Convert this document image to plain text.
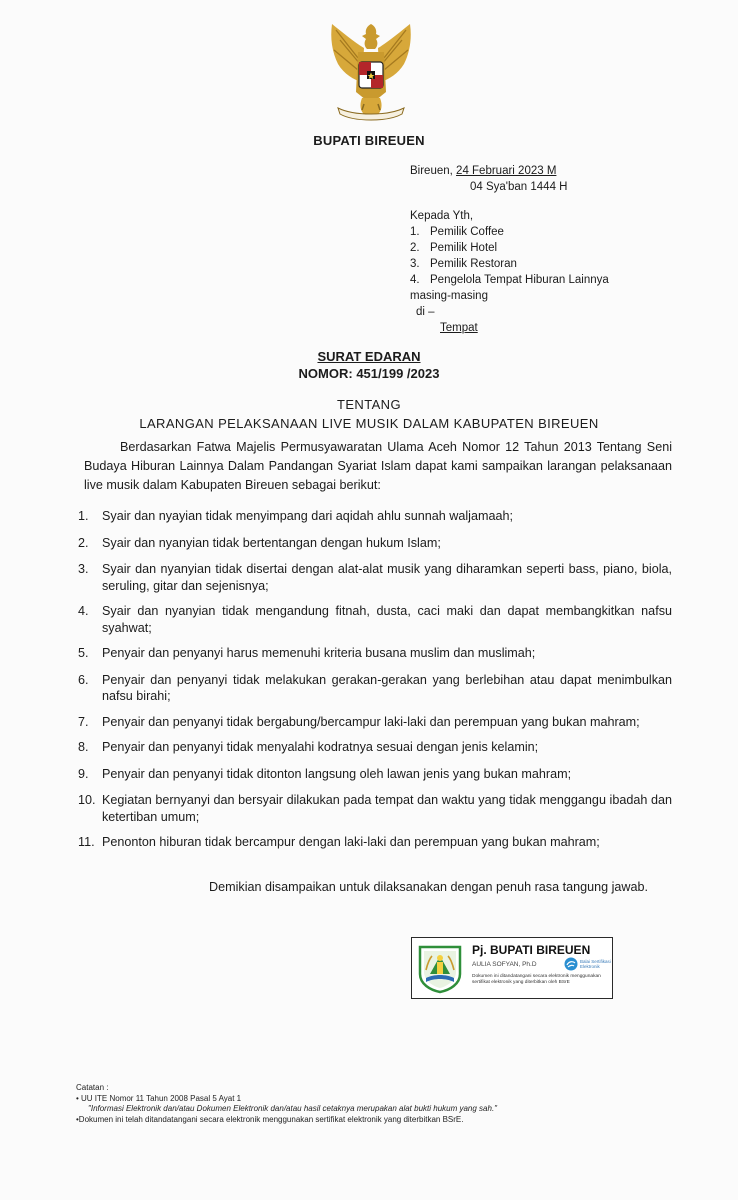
BUPATI BIREUEN
Bireuen, 24 Februari 2023 M
04 Sya'ban 1444 H
Kepada Yth,
1. Pemilik Coffee
2. Pemilik Hotel
3. Pemilik Restoran
4. Pengelola Tempat Hiburan Lainnya
masing-masing
di –
Tempat
SURAT EDARAN
NOMOR: 451/199 /2023
TENTANG
LARANGAN PELAKSANAAN LIVE MUSIK DALAM KABUPATEN BIREUEN
Berdasarkan Fatwa Majelis Permusyawaratan Ulama Aceh Nomor 12 Tahun 2013 Tentang Seni Budaya Hiburan Lainnya Dalam Pandangan Syariat Islam dapat kami sampaikan larangan pelaksanaan live musik dalam Kabupaten Bireuen sebagai berikut:
1.	Syair dan nyayian tidak menyimpang dari aqidah ahlu sunnah waljamaah;
2.	Syair dan nyanyian tidak bertentangan dengan hukum Islam;
3.	Syair dan nyanyian tidak disertai dengan alat-alat musik yang diharamkan seperti bass, piano, biola, seruling, gitar dan sejenisnya;
4.	Syair dan nyanyian tidak mengandung fitnah, dusta, caci maki dan dapat membangkitkan nafsu syahwat;
5.	Penyair dan penyanyi harus memenuhi kriteria busana muslim dan muslimah;
6.	Penyair dan penyanyi tidak melakukan gerakan-gerakan yang berlebihan atau dapat menimbulkan nafsu birahi;
7.	Penyair dan penyanyi tidak bergabung/bercampur laki-laki dan perempuan yang bukan mahram;
8.	Penyair dan penyanyi tidak menyalahi kodratnya sesuai dengan jenis kelamin;
9.	Penyair dan penyanyi tidak ditonton langsung oleh lawan jenis yang bukan mahram;
10. Kegiatan bernyanyi dan bersyair dilakukan pada tempat dan waktu yang tidak menggangu ibadah dan ketertiban umum;
11. Penonton hiburan tidak bercampur dengan laki-laki dan perempuan yang bukan mahram;
Demikian disampaikan untuk dilaksanakan dengan penuh rasa tangung jawab.
Pj. BUPATI BIREUEN
AULIA SOFYAN, Ph.D	Balai Sertifikasi Elektronik
Dokumen ini ditandatangani secara elektronik menggunakan sertifikat elektronik yang diterbitkan oleh BSrE
Catatan :
• UU ITE Nomor 11 Tahun 2008 Pasal 5 Ayat 1
"Informasi Elektronik dan/atau Dokumen Elektronik dan/atau hasil cetaknya merupakan alat bukti hukum yang sah."
•Dokumen ini telah ditandatangani secara elektronik menggunakan sertifikat elektronik yang diterbitkan BSrE.
